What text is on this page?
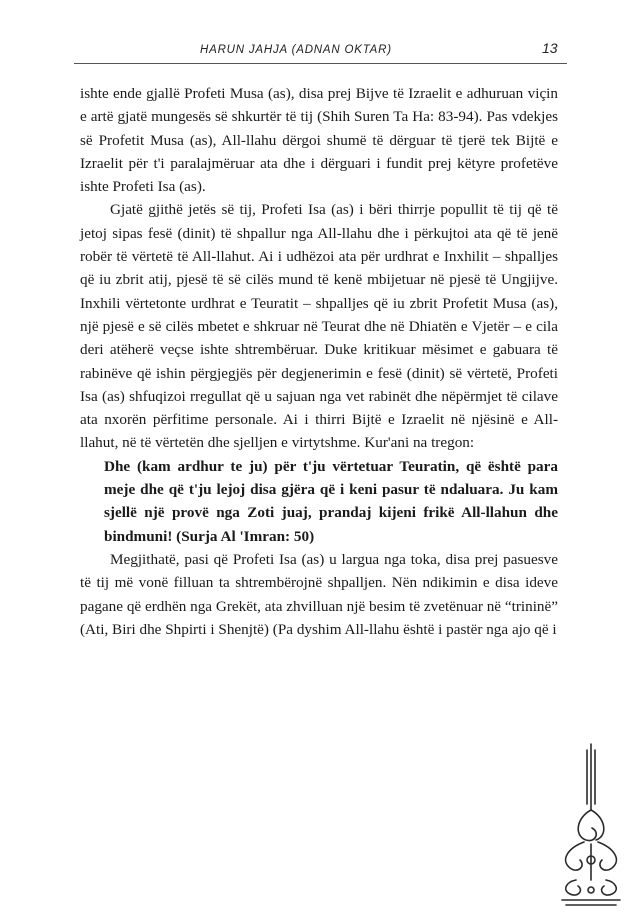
HARUN JAHJA (ADNAN OKTAR)	13

ishte ende gjallë Profeti Musa (as), disa prej Bijve të Izraelit e adhuruan viçin e artë gjatë mungesës së shkurtër të tij (Shih Suren Ta Ha: 83-94). Pas vdekjes së Profetit Musa (as), All-llahu dërgoi shumë të dërguar të tjerë tek Bijtë e Izraelit për t'i paralajmëruar ata dhe i dërguari i fundit prej këtyre profetëve ishte Profeti Isa (as).

Gjatë gjithë jetës së tij, Profeti Isa (as) i bëri thirrje popullit të tij që të jetoj sipas fesë (dinit) të shpallur nga All-llahu dhe i përkujtoi ata që të jenë robër të vërtetë të All-llahut. Ai i udhëzoi ata për urdhrat e Inxhilit – shpalljes që iu zbrit atij, pjesë të së cilës mund të kenë mbijetuar në pjesë të Ungjijve. Inxhili vërtetonte urdhrat e Teuratit – shpalljes që iu zbrit Profetit Musa (as), një pjesë e së cilës mbetet e shkruar në Teurat dhe në Dhiatën e Vjetër – e cila deri atëherë veçse ishte shtrembëruar. Duke kritikuar mësimet e gabuara të rabinëve që ishin përgjegjës për degjenerimin e fesë (dinit) së vërtetë, Profeti Isa (as) shfuqizoi rregullat që u sajuan nga vet rabinët dhe nëpërmjet të cilave ata nxorën përfitime personale. Ai i thirri Bijtë e Izraelit në njësinë e All-llahut, në të vërtetën dhe sjelljen e virtytshme. Kur'ani na tregon:

Dhe (kam ardhur te ju) për t'ju vërtetuar Teuratin, që është para meje dhe që t'ju lejoj disa gjëra që i keni pasur të ndaluara. Ju kam sjellë një provë nga Zoti juaj, prandaj kijeni frikë All-llahun dhe bindmuni! (Surja Al 'Imran: 50)

Megjithatë, pasi që Profeti Isa (as) u largua nga toka, disa prej pasuesve të tij më vonë filluan ta shtrembërojnë shpalljen. Nën ndikimin e disa ideve pagane që erdhën nga Grekët, ata zhvilluan një besim të zvetënuar në “trininë” (Ati, Biri dhe Shpirti i Shenjtë) (Pa dyshim All-llahu është i pastër nga ajo që i
